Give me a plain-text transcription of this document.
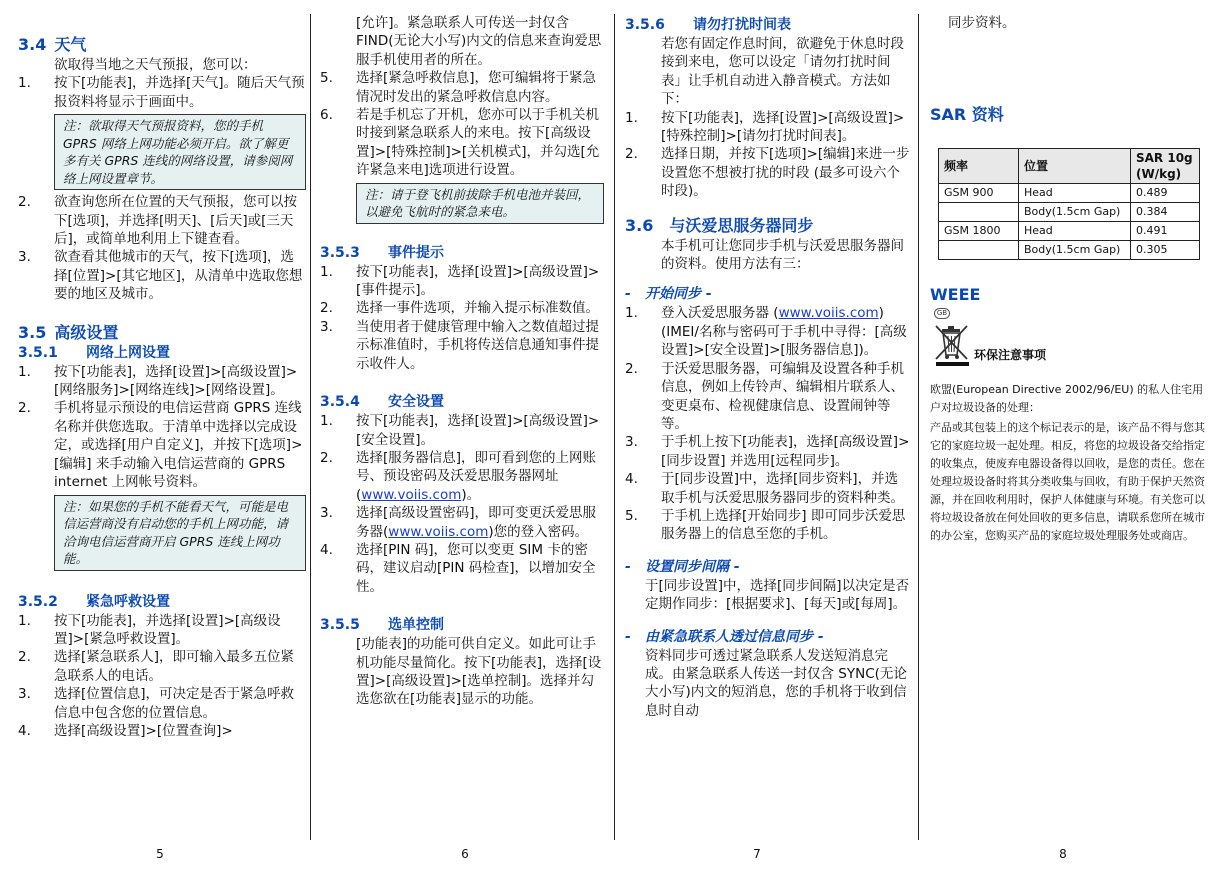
3.4 天气
欲取得当地之天气预报，您可以：
1.	按下[功能表]，并选择[天气]。随后天气预报资料将显示于画面中。
注：欲取得天气预报资料，您的手机 GPRS 网络上网功能必须开启。欲了解更多有关 GPRS 连线的网络设置，请参阅网络上网设置章节。
2.	欲查询您所在位置的天气预报，您可以按下[选项]，并选择[明天]、[后天]或[三天后]，或简单地利用上下键查看。
3.	欲查看其他城市的天气，按下[选项]，选择[位置]>[其它地区]，从清单中选取您想要的地区及城市。
3.5 高级设置
3.5.1 网络上网设置
1.	按下[功能表]，选择[设置]>[高级设置]>[网络服务]>[网络连线]>[网络设置]。
2.	手机将显示预设的电信运营商 GPRS 连线名称并供您选取。于清单中选择以完成设定，或选择[用户自定义]，并按下[选项]>[编辑] 来手动输入电信运营商的 GPRS internet 上网帐号资料。
注：如果您的手机不能看天气，可能是电信运营商没有启动您的手机上网功能，请洽询电信运营商开启 GPRS 连线上网功能。
3.5.2 紧急呼救设置
1.	按下[功能表]，并选择[设置]>[高级设置]>[紧急呼救设置]。
2.	选择[紧急联系人]，即可输入最多五位紧急联系人的电话。
3.	选择[位置信息]，可决定是否于紧急呼救信息中包含您的位置信息。
4.	选择[高级设置]>[位置查询]>
[允许]。紧急联系人可传送一封仅含 FIND(无论大小写)内文的信息来查询爱思服手机使用者的所在。
5.	选择[紧急呼救信息]，您可编辑将于紧急情况时发出的紧急呼救信息内容。
6.	若是手机忘了开机，您亦可以于手机关机时接到紧急联系人的来电。按下[高级设置]>[特殊控制]>[关机模式]，并勾选[允许紧急来电]选项进行设置。
注：请于登飞机前拔除手机电池并装回，以避免飞航时的紧急来电。
3.5.3 事件提示
1.	按下[功能表]，选择[设置]>[高级设置]>[事件提示]。
2.	选择一事件选项，并输入提示标准数值。
3.	当使用者于健康管理中输入之数值超过提示标准值时，手机将传送信息通知事件提示收件人。
3.5.4 安全设置
1.	按下[功能表]，选择[设置]>[高级设置]>[安全设置]。
2.	选择[服务器信息]，即可看到您的上网账号、预设密码及沃爱思服务器网址(www.voiis.com)。
3.	选择[高级设置密码]，即可变更沃爱思服务器(www.voiis.com)您的登入密码。
4.	选择[PIN 码]，您可以变更 SIM 卡的密码，建议启动[PIN 码检查]，以增加安全性。
3.5.5 选单控制
[功能表]的功能可供自定义。如此可让手机功能尽量简化。按下[功能表]，选择[设置]>[高级设置]>[选单控制]。选择并勾选您欲在[功能表]显示的功能。
3.5.6 请勿打扰时间表
若您有固定作息时间，欲避免于休息时段接到来电，您可以设定「请勿打扰时间表」让手机自动进入静音模式。方法如下：
1.	按下[功能表]，选择[设置]>[高级设置]>[特殊控制]>[请勿打扰时间表]。
2.	选择日期，并按下[选项]>[编辑]来进一步设置您不想被打扰的时段 (最多可设六个时段)。
3.6 与沃爱思服务器同步
本手机可让您同步手机与沃爱思服务器间的资料。使用方法有三：
- 开始同步 -
1.	登入沃爱思服务器 (www.voiis.com) (IMEI/名称与密码可于手机中寻得：[高级设置]>[安全设置]>[服务器信息])。
2.	于沃爱思服务器，可编辑及设置各种手机信息，例如上传铃声、编辑相片联系人、变更桌布、检视健康信息、设置闹钟等等。
3.	于手机上按下[功能表]，选择[高级设置]>[同步设置] 并选用[远程同步]。
4.	于[同步设置]中，选择[同步资料]，并选取手机与沃爱思服务器同步的资料种类。
5.	于手机上选择[开始同步] 即可同步沃爱思服务器上的信息至您的手机。
- 设置同步间隔 -
于[同步设置]中，选择[同步间隔]以决定是否定期作同步：[根据要求]、[每天]或[每周]。
- 由紧急联系人透过信息同步 -
资料同步可透过紧急联系人发送短消息完成。由紧急联系人传送一封仅含 SYNC(无论大小写)内文的短消息，您的手机将于收到信息时自动
同步资料。
SAR 资料
频率	位置	SAR 10g (W/kg)
GSM 900	Head	0.489
	Body(1.5cm Gap)	0.384
GSM 1800	Head	0.491
	Body(1.5cm Gap)	0.305
WEEE
GB
环保注意事项
欧盟(European Directive 2002/96/EU) 的私人住宅用户对垃圾设备的处理：
产品或其包装上的这个标记表示的是，该产品不得与您其它的家庭垃圾一起处理。相反，将您的垃圾设备交给指定的收集点，使废弃电器设备得以回收，是您的责任。您在处理垃圾设备时将其分类收集与回收，有助于保护天然资源，并在回收利用时，保护人体健康与环境。有关您可以将垃圾设备放在何处回收的更多信息，请联系您所在城市的办公室，您购买产品的家庭垃圾处理服务处或商店。
5	6	7	8
